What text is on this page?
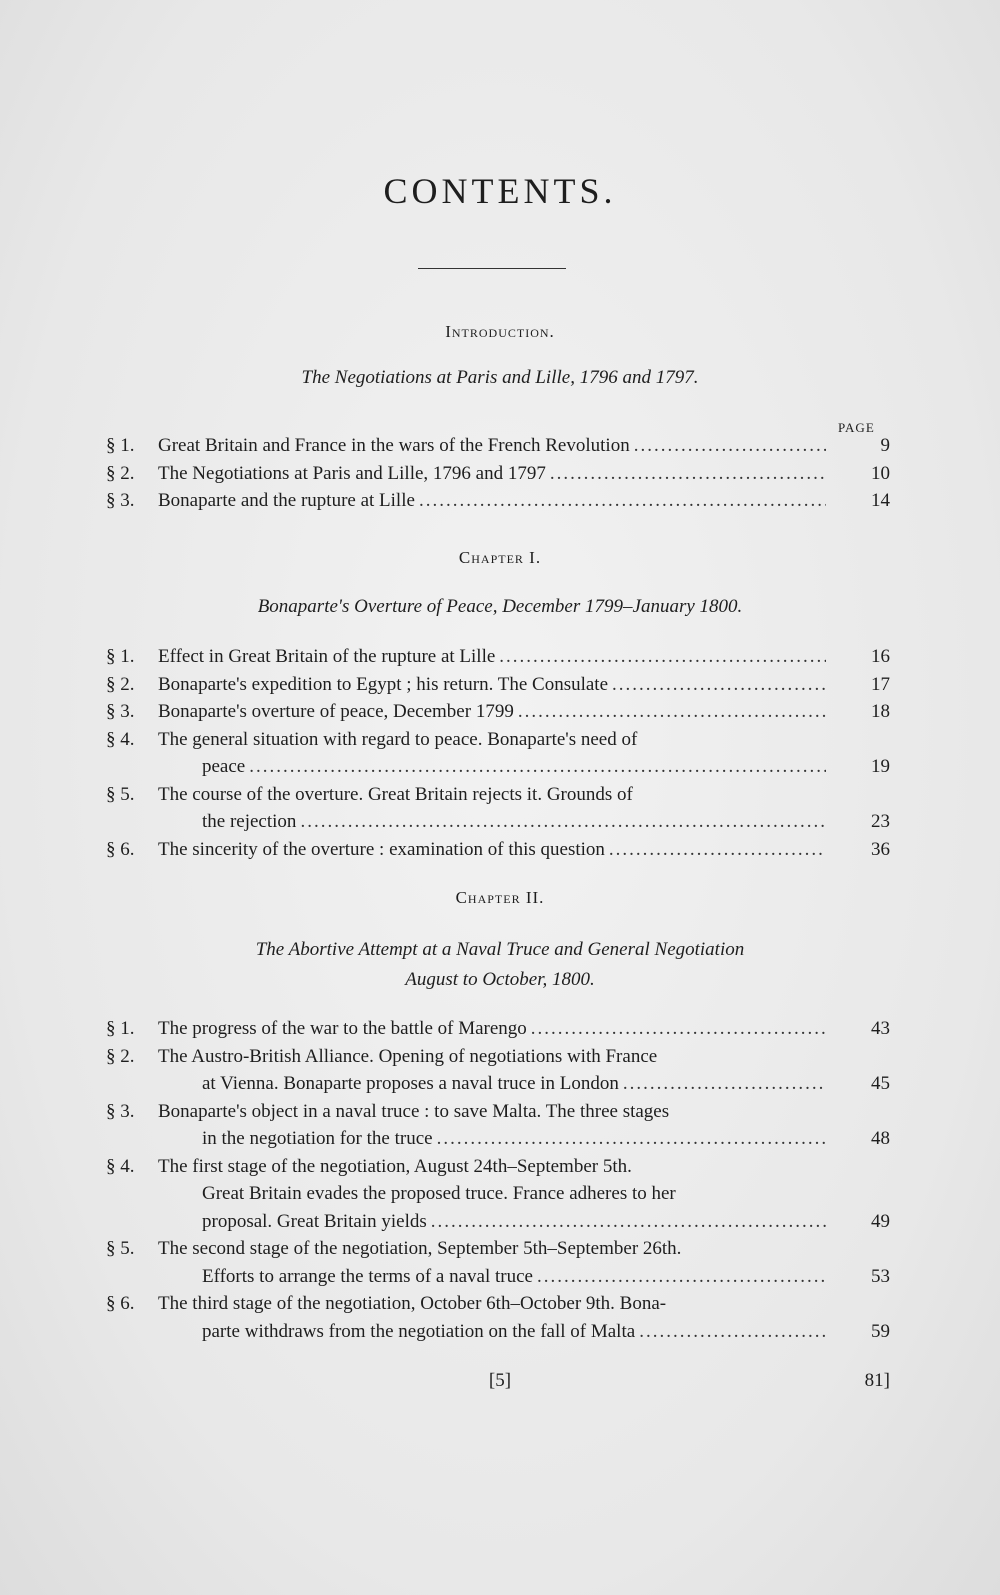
CONTENTS.
Introduction.
The Negotiations at Paris and Lille, 1796 and 1797.
PAGE
§ 1. Great Britain and France in the wars of the French Revolution .....	9
§ 2. The Negotiations at Paris and Lille, 1796 and 1797 .....	10
§ 3. Bonaparte and the rupture at Lille .....	14
Chapter I.
Bonaparte's Overture of Peace, December 1799–January 1800.
§ 1. Effect in Great Britain of the rupture at Lille .....	16
§ 2. Bonaparte's expedition to Egypt ; his return. The Consulate .....	17
§ 3. Bonaparte's overture of peace, December 1799 .....	18
§ 4. The general situation with regard to peace. Bonaparte's need of
peace .....	19
§ 5. The course of the overture. Great Britain rejects it. Grounds of
the rejection .....	23
§ 6. The sincerity of the overture : examination of this question .....	36
Chapter II.
The Abortive Attempt at a Naval Truce and General Negotiation
August to October, 1800.
§ 1. The progress of the war to the battle of Marengo .....	43
§ 2. The Austro-British Alliance. Opening of negotiations with France
at Vienna. Bonaparte proposes a naval truce in London .....	45
§ 3. Bonaparte's object in a naval truce : to save Malta. The three stages
in the negotiation for the truce .....	48
§ 4. The first stage of the negotiation, August 24th–September 5th.
Great Britain evades the proposed truce. France adheres to her
proposal. Great Britain yields .....	49
§ 5. The second stage of the negotiation, September 5th–September 26th.
Efforts to arrange the terms of a naval truce .....	53
§ 6. The third stage of the negotiation, October 6th–October 9th. Bona-
parte withdraws from the negotiation on the fall of Malta .....	59
[5]	81]
